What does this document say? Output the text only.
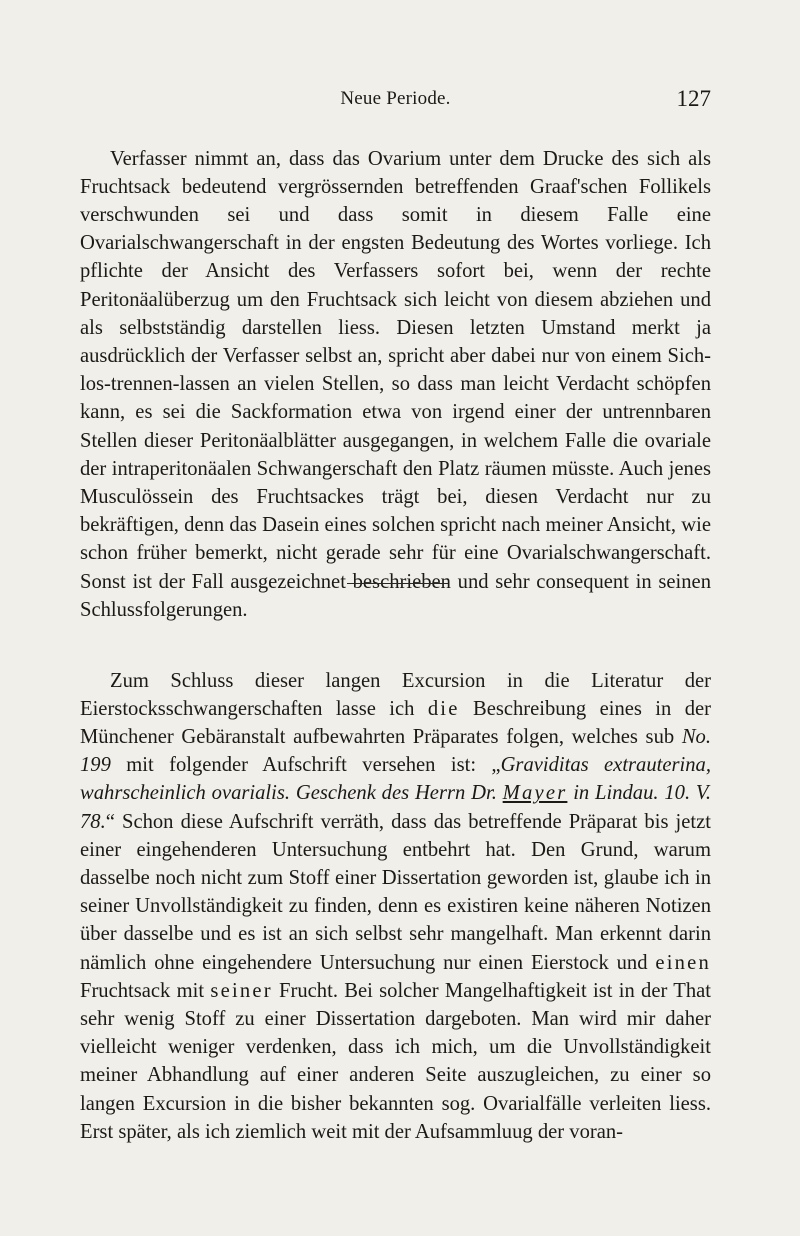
Neue Periode.	127

Verfasser nimmt an, dass das Ovarium unter dem Drucke des sich als Fruchtsack bedeutend vergrössernden betreffenden Graaf'schen Follikels verschwunden sei und dass somit in diesem Falle eine Ovarialschwangerschaft in der engsten Bedeutung des Wortes vorliege. Ich pflichte der Ansicht des Verfassers sofort bei, wenn der rechte Peritonäalüberzug um den Fruchtsack sich leicht von diesem abziehen und als selbstständig darstellen liess. Diesen letzten Umstand merkt ja ausdrücklich der Verfasser selbst an, spricht aber dabei nur von einem Sich-los-trennen-lassen an vielen Stellen, so dass man leicht Verdacht schöpfen kann, es sei die Sackformation etwa von irgend einer der untrennbaren Stellen dieser Peritonäalblätter ausgegangen, in welchem Falle die ovariale der intraperitonäalen Schwangerschaft den Platz räumen müsste. Auch jenes Musculössein des Fruchtsackes trägt bei, diesen Verdacht nur zu bekräftigen, denn das Dasein eines solchen spricht nach meiner Ansicht, wie schon früher bemerkt, nicht gerade sehr für eine Ovarialschwangerschaft. Sonst ist der Fall ausgezeichnet beschrieben und sehr consequent in seinen Schlussfolgerungen.

Zum Schluss dieser langen Excursion in die Literatur der Eierstocksschwangerschaften lasse ich die Beschreibung eines in der Münchener Gebäranstalt aufbewahrten Präparates folgen, welches sub No. 199 mit folgender Aufschrift versehen ist: „Graviditas extrauterina, wahrscheinlich ovarialis. Geschenk des Herrn Dr. Mayer in Lindau. 10. V. 78.“ Schon diese Aufschrift verräth, dass das betreffende Präparat bis jetzt einer eingehenderen Untersuchung entbehrt hat. Den Grund, warum dasselbe noch nicht zum Stoff einer Dissertation geworden ist, glaube ich in seiner Unvollständigkeit zu finden, denn es existiren keine näheren Notizen über dasselbe und es ist an sich selbst sehr mangelhaft. Man erkennt darin nämlich ohne eingehendere Untersuchung nur einen Eierstock und einen Fruchtsack mit seiner Frucht. Bei solcher Mangelhaftigkeit ist in der That sehr wenig Stoff zu einer Dissertation dargeboten. Man wird mir daher vielleicht weniger verdenken, dass ich mich, um die Unvollständigkeit meiner Abhandlung auf einer anderen Seite auszugleichen, zu einer so langen Excursion in die bisher bekannten sog. Ovarialfälle verleiten liess. Erst später, als ich ziemlich weit mit der Aufsammluug der voran-
